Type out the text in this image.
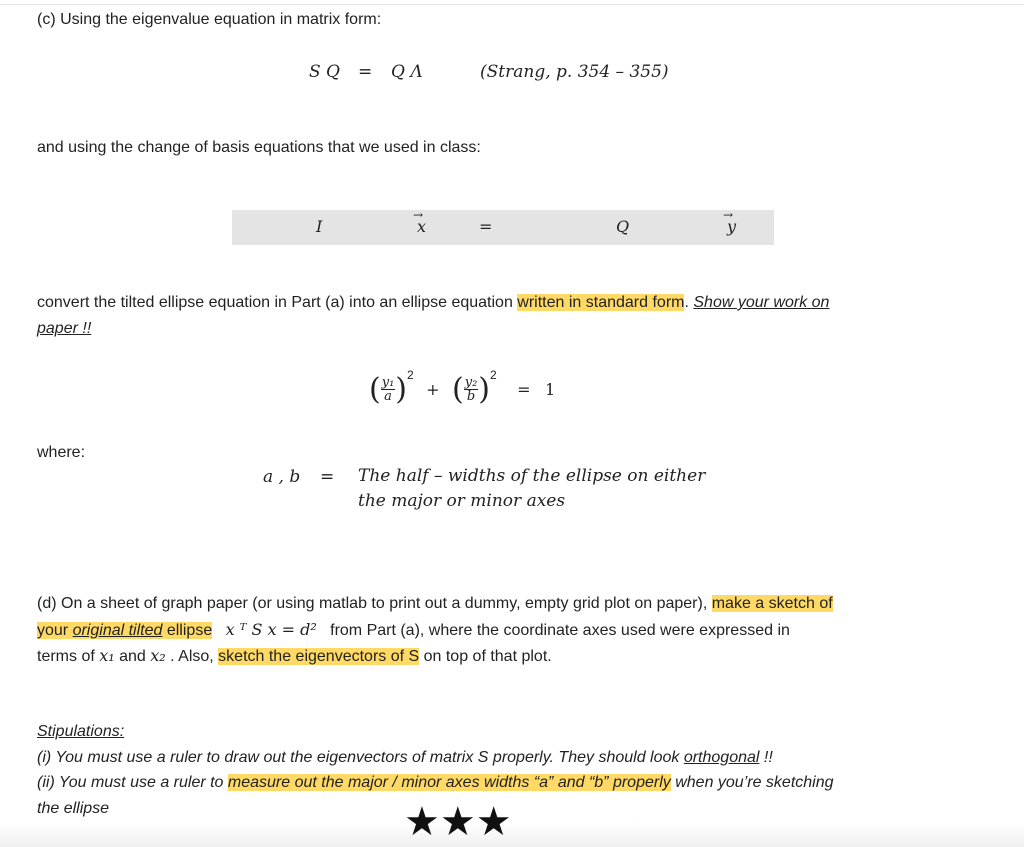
(c) Using the eigenvalue equation in matrix form:
S Q = Q Λ	(Strang, p. 354 – 355)
and using the change of basis equations that we used in class:
I
→
x	=	Q
→
y
convert the tilted ellipse equation in Part (a) into an ellipse equation written in standard form. Show your work on
paper !!
( $\frac{\text{y₁}}{a} )^2$ + ( $\frac{\text{y₂}}{b} )^2 = 1$
where:
a , b = The half – widths of the ellipse on either
the major or minor axes
(d) On a sheet of graph paper (or using matlab to print out a dummy, empty grid plot on paper), make a sketch of
your original tilted ellipse x ᵀ S x = d²   from Part (a), where the coordinate axes used were expressed in
terms of x₁ and x₂ . Also, sketch the eigenvectors of S on top of that plot.
Stipulations:
(i) You must use a ruler to draw out the eigenvectors of matrix S properly. They should look orthogonal !!
(ii) You must use a ruler to measure out the major / minor axes widths “a” and “b” properly when you’re sketching
the ellipse	★★★
